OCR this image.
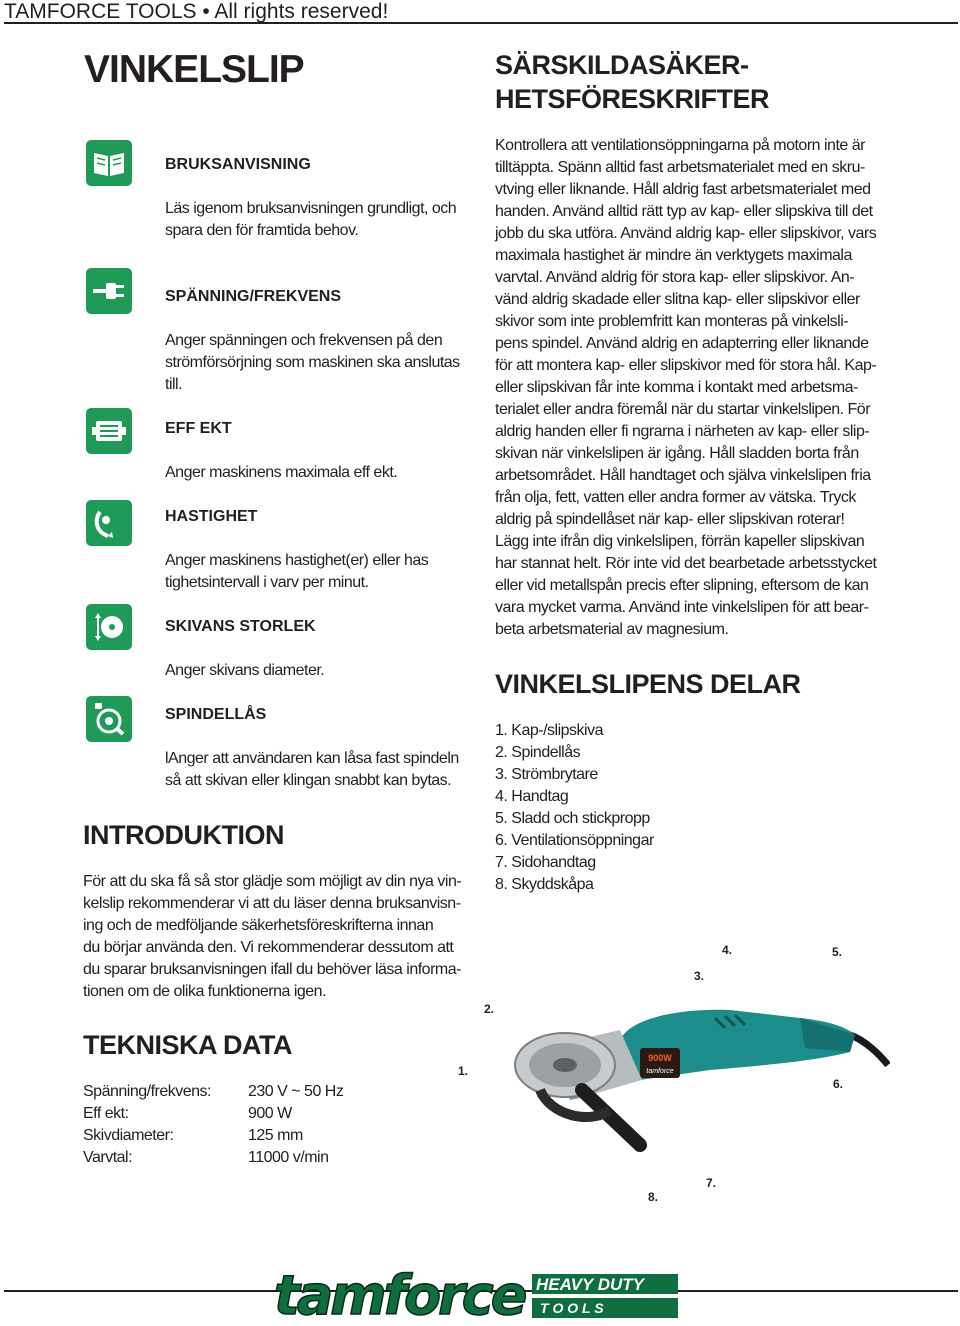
TAMFORCE TOOLS • All rights reserved!
VINKELSLIP
BRUKSANVISNING
Läs igenom bruksanvisningen grundligt, och
spara den för framtida behov.
SPÄNNING/FREKVENS
Anger spänningen och frekvensen på den
strömförsörjning som maskinen ska anslutas
till.
EFF EKT
Anger maskinens maximala eff ekt.
HASTIGHET
Anger maskinens hastighet(er) eller has
tighetsintervall i varv per minut.
SKIVANS STORLEK
Anger skivans diameter.
SPINDELLÅS
lAnger att användaren kan låsa fast spindeln
så att skivan eller klingan snabbt kan bytas.
INTRODUKTION
För att du ska få så stor glädje som möjligt av din nya vin-
kelslip rekommenderar vi att du läser denna bruksanvisn-
ing och de medföljande säkerhetsföreskrifterna innan
du börjar använda den. Vi rekommenderar dessutom att
du sparar bruksanvisningen ifall du behöver läsa informa-
tionen om de olika funktionerna igen.
TEKNISKA DATA
Spänning/frekvens: 230 V ~ 50 Hz
Eff ekt:	900 W
Skivdiameter:	125 mm
Varvtal:	11000 v/min
SÄRSKILDASÄKER-
HETSFÖRESKRIFTER
Kontrollera att ventilationsöppningarna på motorn inte är
tilltäppta. Spänn alltid fast arbetsmaterialet med en skru-
vtving eller liknande. Håll aldrig fast arbetsmaterialet med
handen. Använd alltid rätt typ av kap- eller slipskiva till det
jobb du ska utföra. Använd aldrig kap- eller slipskivor, vars
maximala hastighet är mindre än verktygets maximala
varvtal. Använd aldrig för stora kap- eller slipskivor. An-
vänd aldrig skadade eller slitna kap- eller slipskivor eller
skivor som inte problemfritt kan monteras på vinkelsli-
pens spindel. Använd aldrig en adapterring eller liknande
för att montera kap- eller slipskivor med för stora hål. Kap-
eller slipskivan får inte komma i kontakt med arbetsma-
terialet eller andra föremål när du startar vinkelslipen. För
aldrig handen eller fi ngrarna i närheten av kap- eller slip-
skivan när vinkelslipen är igång. Håll sladden borta från
arbetsområdet. Håll handtaget och själva vinkelslipen fria
från olja, fett, vatten eller andra former av vätska. Tryck
aldrig på spindellåset när kap- eller slipskivan roterar!
Lägg inte ifrån dig vinkelslipen, förrän kapeller slipskivan
har stannat helt. Rör inte vid det bearbetade arbetsstycket
eller vid metallspån precis efter slipning, eftersom de kan
vara mycket varma. Använd inte vinkelslipen för att bear-
beta arbetsmaterial av magnesium.
VINKELSLIPENS DELAR
1. Kap-/slipskiva
2. Spindellås
3. Strömbrytare
4. Handtag
5. Sladd och stickpropp
6. Ventilationsöppningar
7. Sidohandtag
8. Skyddskåpa
900W
tamforce
1.
2.
3.
4.	5.
6.
7.
8.
tamforce HEAVY DUTY
T O O L S
